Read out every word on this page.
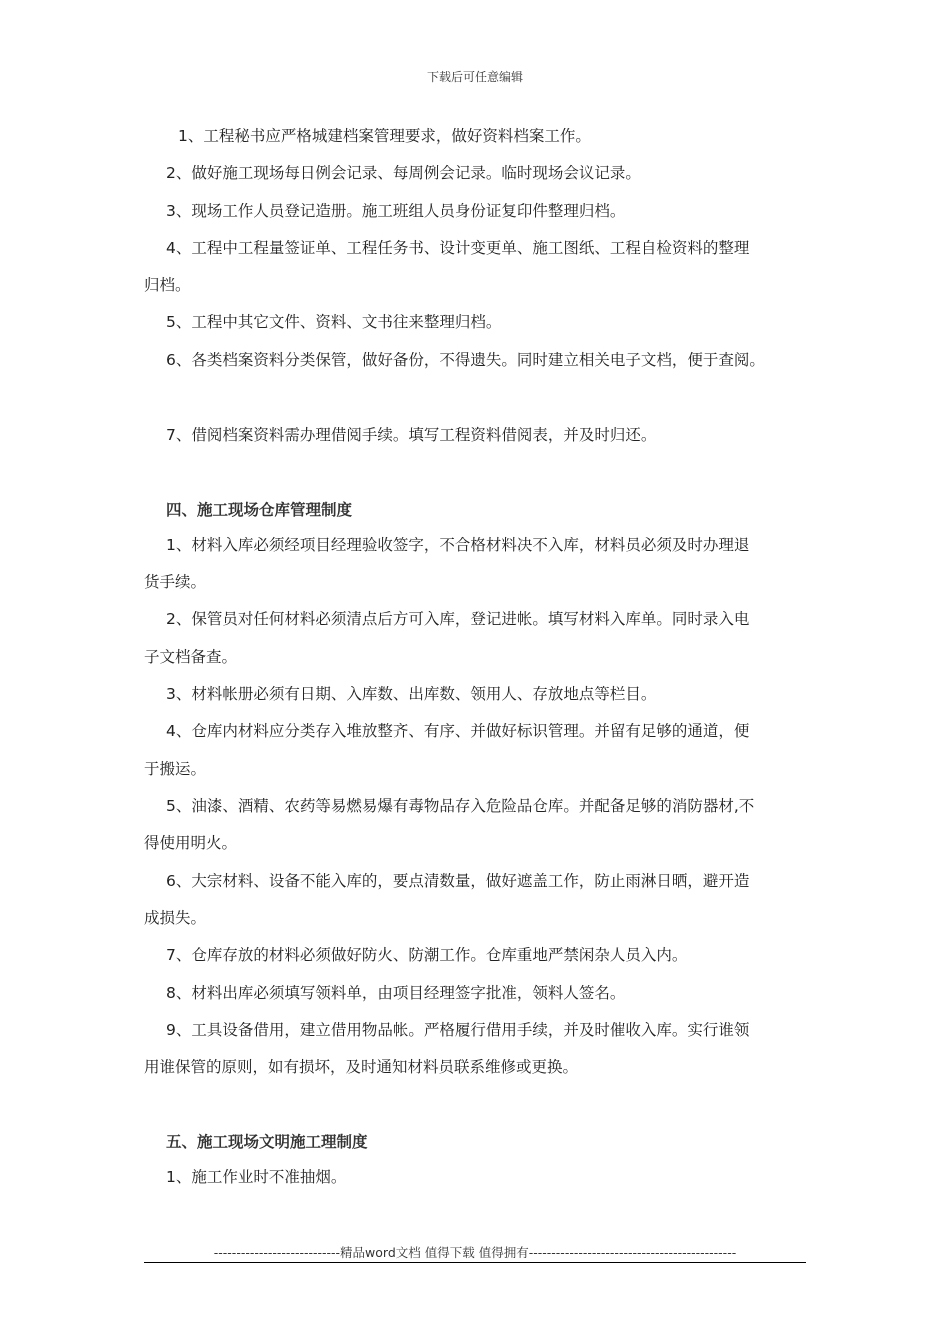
下载后可任意编辑
1、工程秘书应严格城建档案管理要求，做好资料档案工作。
2、做好施工现场每日例会记录、每周例会记录。临时现场会议记录。
3、现场工作人员登记造册。施工班组人员身份证复印件整理归档。
4、工程中工程量签证单、工程任务书、设计变更单、施工图纸、工程自检资料的整理
归档。
5、工程中其它文件、资料、文书往来整理归档。
6、各类档案资料分类保管，做好备份，不得遗失。同时建立相关电子文档，便于查阅。
7、借阅档案资料需办理借阅手续。填写工程资料借阅表，并及时归还。
四、施工现场仓库管理制度
1、材料入库必须经项目经理验收签字，不合格材料决不入库，材料员必须及时办理退
货手续。
2、保管员对任何材料必须清点后方可入库，登记进帐。填写材料入库单。同时录入电
子文档备查。
3、材料帐册必须有日期、入库数、出库数、领用人、存放地点等栏目。
4、仓库内材料应分类存入堆放整齐、有序、并做好标识管理。并留有足够的通道，便
于搬运。
5、油漆、酒精、农药等易燃易爆有毒物品存入危险品仓库。并配备足够的消防器材,不
得使用明火。
6、大宗材料、设备不能入库的，要点清数量，做好遮盖工作，防止雨淋日晒，避开造
成损失。
7、仓库存放的材料必须做好防火、防潮工作。仓库重地严禁闲杂人员入内。
8、材料出库必须填写领料单，由项目经理签字批准，领料人签名。
9、工具设备借用，建立借用物品帐。严格履行借用手续，并及时催收入库。实行谁领
用谁保管的原则，如有损坏，及时通知材料员联系维修或更换。
五、施工现场文明施工理制度
1、施工作业时不准抽烟。
----------------------------精品word文档 值得下载 值得拥有----------------------------------------------
